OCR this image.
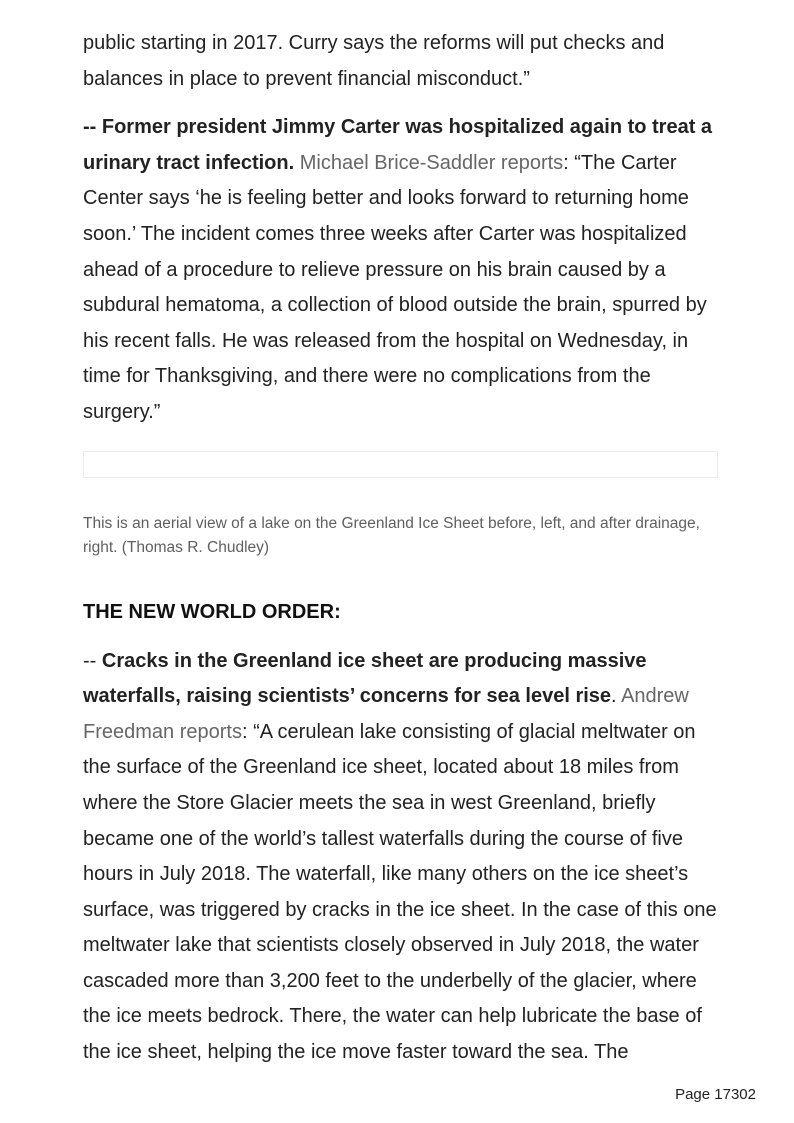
public starting in 2017. Curry says the reforms will put checks and balances in place to prevent financial misconduct.”

-- Former president Jimmy Carter was hospitalized again to treat a urinary tract infection. Michael Brice-Saddler reports: “The Carter Center says ‘he is feeling better and looks forward to returning home soon.’ The incident comes three weeks after Carter was hospitalized ahead of a procedure to relieve pressure on his brain caused by a subdural hematoma, a collection of blood outside the brain, spurred by his recent falls. He was released from the hospital on Wednesday, in time for Thanksgiving, and there were no complications from the surgery.”

This is an aerial view of a lake on the Greenland Ice Sheet before, left, and after drainage, right. (Thomas R. Chudley)
THE NEW WORLD ORDER:

-- Cracks in the Greenland ice sheet are producing massive waterfalls, raising scientists’ concerns for sea level rise. Andrew Freedman reports: “A cerulean lake consisting of glacial meltwater on the surface of the Greenland ice sheet, located about 18 miles from where the Store Glacier meets the sea in west Greenland, briefly became one of the world’s tallest waterfalls during the course of five hours in July 2018. The waterfall, like many others on the ice sheet’s surface, was triggered by cracks in the ice sheet. In the case of this one meltwater lake that scientists closely observed in July 2018, the water cascaded more than 3,200 feet to the underbelly of the glacier, where the ice meets bedrock. There, the water can help lubricate the base of the ice sheet, helping the ice move faster toward the sea. The

Page 17302
